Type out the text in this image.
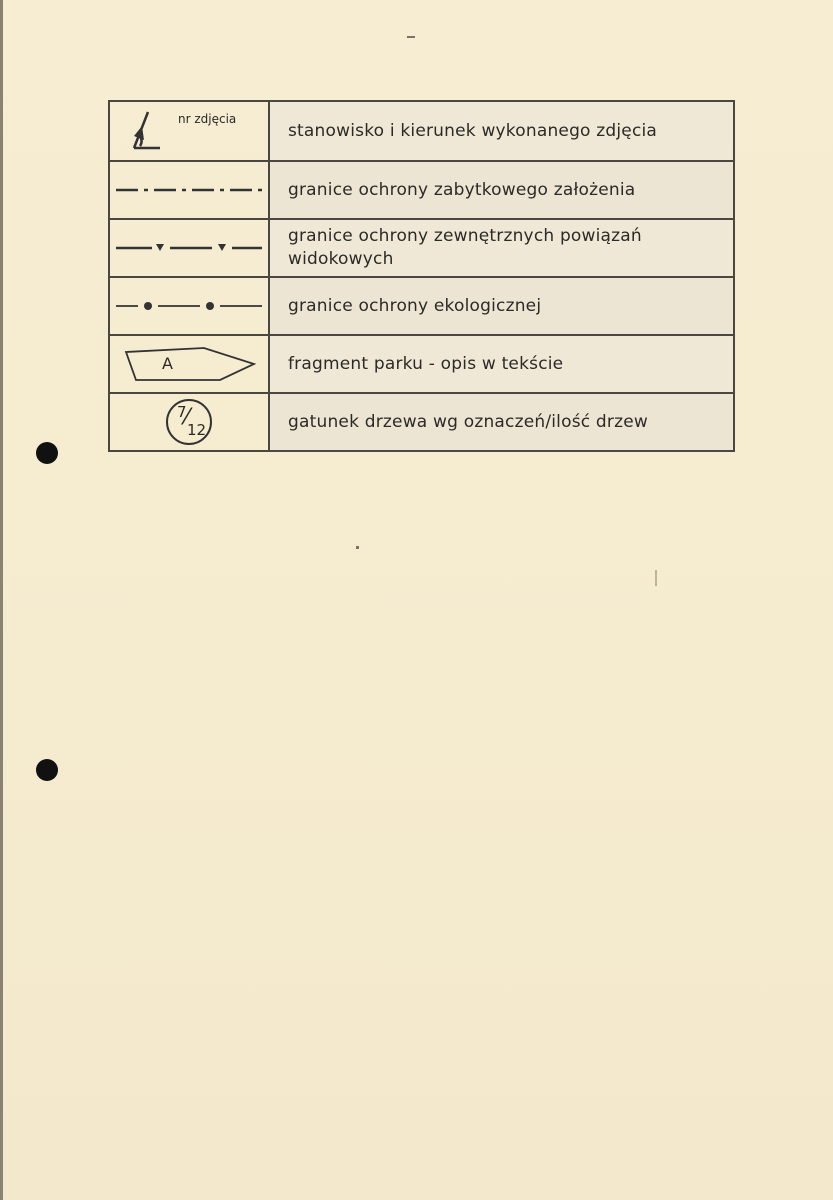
nr zdjęcia	stanowisko i kierunek wykonanego zdjęcia

	granice ochrony zabytkowego założenia

	granice ochrony zewnętrznych powiązań widokowych

	granice ochrony ekologicznej

A	fragment parku - opis w tekście

7
⁄
12	gatunek drzewa wg oznaczeń/ilość drzew
